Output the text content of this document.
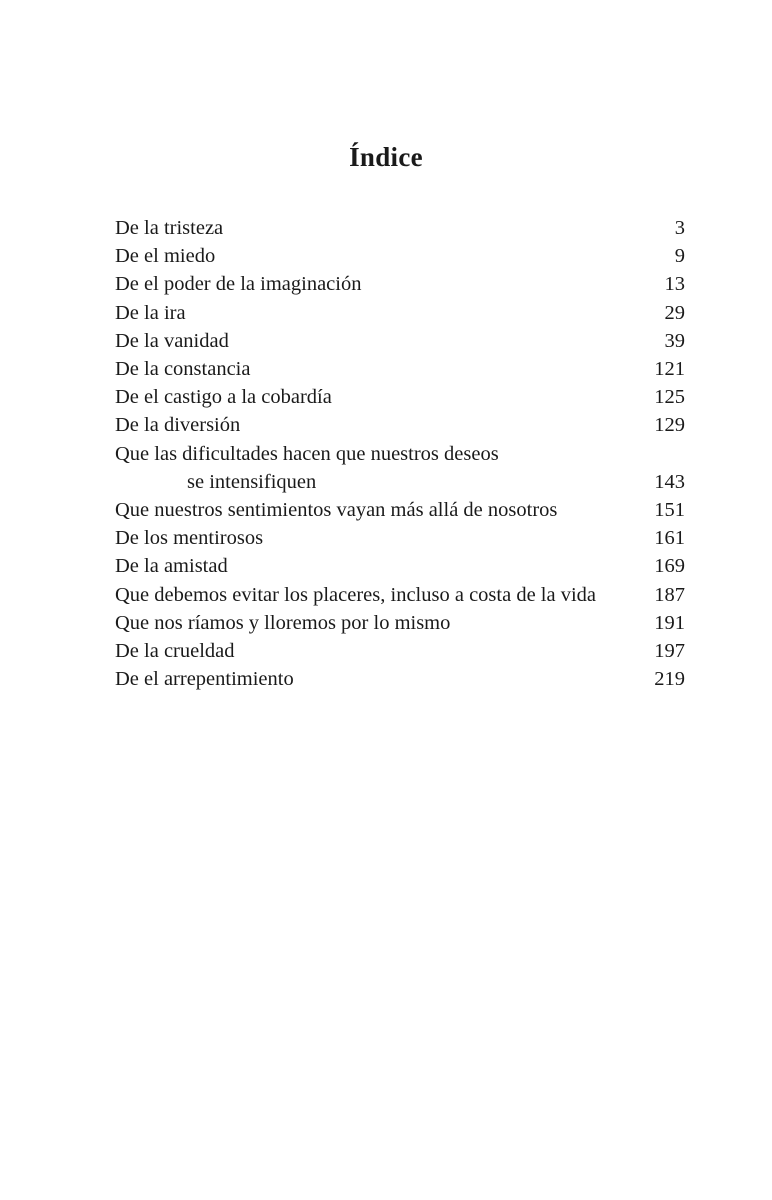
Índice
De la tristeza	3
De el miedo	9
De el poder de la imaginación	13
De la ira	29
De la vanidad	39
De la constancia	121
De el castigo a la cobardía	125
De la diversión	129
Que las dificultades hacen que nuestros deseos
se intensifiquen	143
Que nuestros sentimientos vayan más allá de nosotros	151
De los mentirosos	161
De la amistad	169
Que debemos evitar los placeres, incluso a costa de la vida	187
Que nos ríamos y lloremos por lo mismo	191
De la crueldad	197
De el arrepentimiento	219
